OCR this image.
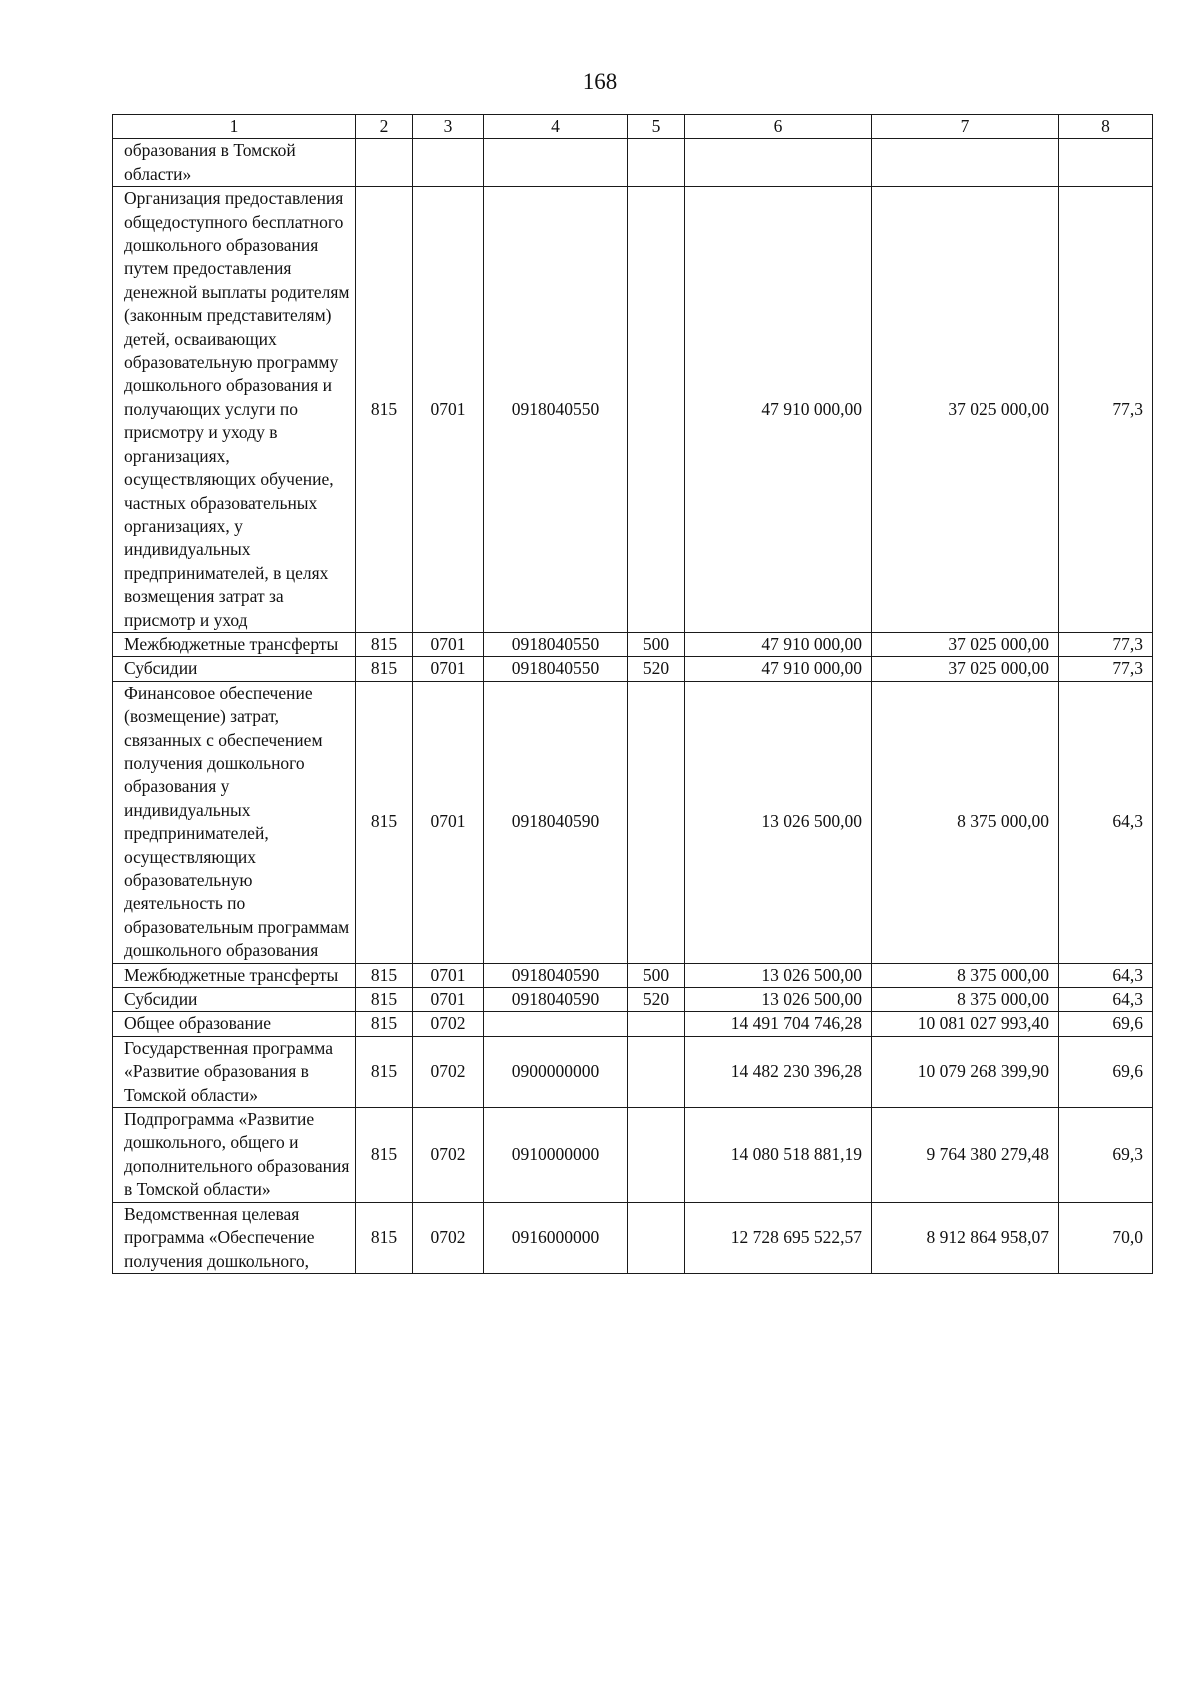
168
1	2	3	4	5	6	7	8
образования в Томской области»							
Организация предоставления общедоступного бесплатного дошкольного образования путем предоставления денежной выплаты родителям (законным представителям) детей, осваивающих образовательную программу дошкольного образования и получающих услуги по присмотру и уходу в организациях, осуществляющих обучение, частных образовательных организациях, у индивидуальных предпринимателей, в целях возмещения затрат за присмотр и уход	815	0701	0918040550		47 910 000,00	37 025 000,00	77,3
Межбюджетные трансферты	815	0701	0918040550	500	47 910 000,00	37 025 000,00	77,3
Субсидии	815	0701	0918040550	520	47 910 000,00	37 025 000,00	77,3
Финансовое обеспечение (возмещение) затрат, связанных с обеспечением получения дошкольного образования у индивидуальных предпринимателей, осуществляющих образовательную деятельность по образовательным программам дошкольного образования	815	0701	0918040590		13 026 500,00	8 375 000,00	64,3
Межбюджетные трансферты	815	0701	0918040590	500	13 026 500,00	8 375 000,00	64,3
Субсидии	815	0701	0918040590	520	13 026 500,00	8 375 000,00	64,3
Общее образование	815	0702			14 491 704 746,28	10 081 027 993,40	69,6
Государственная программа «Развитие образования в Томской области»	815	0702	0900000000		14 482 230 396,28	10 079 268 399,90	69,6
Подпрограмма «Развитие дошкольного, общего и дополнительного образования в Томской области»	815	0702	0910000000		14 080 518 881,19	9 764 380 279,48	69,3
Ведомственная целевая программа «Обеспечение получения дошкольного,	815	0702	0916000000		12 728 695 522,57	8 912 864 958,07	70,0
